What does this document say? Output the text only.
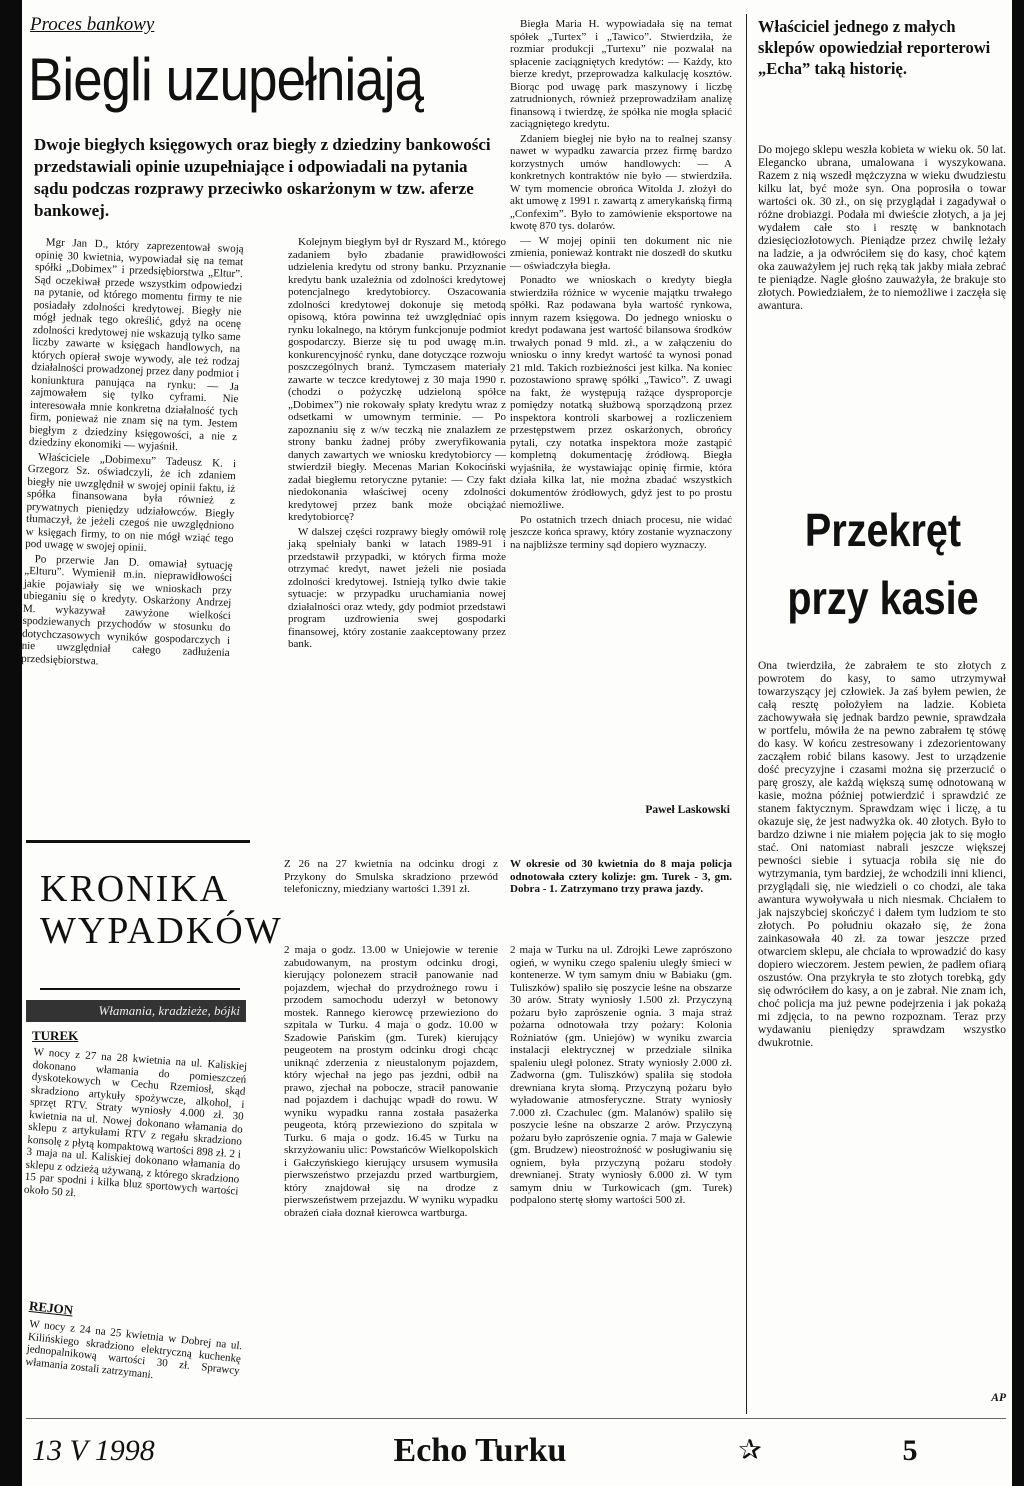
Proces bankowy
Biegli uzupełniają
Dwoje biegłych księgowych oraz biegły z dziedziny bankowości przedstawiali opinie uzupełniające i odpowiadali na pytania sądu podczas rozprawy przeciwko oskarżonym w tzw. aferze bankowej.

Mgr Jan D., który zaprezentował swoją opinię 30 kwietnia, wypowiadał się na temat spółki „Dobimex” i przedsiębiorstwa „Eltur”. Sąd oczekiwał przede wszystkim odpowiedzi na pytanie, od którego momentu firmy te nie posiadały zdolności kredytowej. Biegły nie mógł jednak tego określić, gdyż na ocenę zdolności kredytowej nie wskazują tylko same liczby zawarte w księgach handlowych, na których opierał swoje wywody, ale też rodzaj działalności prowadzonej przez dany podmiot i koniunktura panująca na rynku: — Ja zajmowałem się tylko cyframi. Nie interesowała mnie konkretna działalność tych firm, ponieważ nie znam się na tym. Jestem biegłym z dziedziny księgowości, a nie z dziedziny ekonomiki — wyjaśnił.

Właściciele „Dobimexu” Tadeusz K. i Grzegorz Sz. oświadczyli, że ich zdaniem biegły nie uwzględnił w swojej opinii faktu, iż spółka finansowana była również z prywatnych pieniędzy udziałowców. Biegły tłumaczył, że jeżeli czegoś nie uwzględniono w księgach firmy, to on nie mógł wziąć tego pod uwagę w swojej opinii.

Po przerwie Jan D. omawiał sytuację „Elturu”. Wymienił m.in. nieprawidłowości jakie pojawiały się we wnioskach przy ubieganiu się o kredyty. Oskarżony Andrzej M. wykazywał zawyżone wielkości spodziewanych przychodów w stosunku do dotychczasowych wyników gospodarczych i nie uwzględniał całego zadłużenia przedsiębiorstwa.

Kolejnym biegłym był dr Ryszard M., którego zadaniem było zbadanie prawidłowości udzielenia kredytu od strony banku. Przyznanie kredytu bank uzależnia od zdolności kredytowej potencjalnego kredytobiorcy. Oszacowania zdolności kredytowej dokonuje się metodą opisową, która powinna też uwzględniać opis rynku lokalnego, na którym funkcjonuje podmiot gospodarczy. Bierze się tu pod uwagę m.in. konkurencyjność rynku, dane dotyczące rozwoju poszczególnych branż. Tymczasem materiały zawarte w teczce kredytowej z 30 maja 1990 r. (chodzi o pożyczkę udzieloną spółce „Dobimex”) nie rokowały spłaty kredytu wraz z odsetkami w umownym terminie. — Po zapoznaniu się z w/w teczką nie znalazłem ze strony banku żadnej próby zweryfikowania danych zawartych we wniosku kredytobiorcy — stwierdził biegły. Mecenas Marian Kokociński zadał biegłemu retoryczne pytanie: — Czy fakt niedokonania właściwej oceny zdolności kredytowej przez bank może obciążać kredytobiorcę?

W dalszej części rozprawy biegły omówił rolę jaką spełniały banki w latach 1989-91 i przedstawił przypadki, w których firma może otrzymać kredyt, nawet jeżeli nie posiada zdolności kredytowej. Istnieją tylko dwie takie sytuacje: w przypadku uruchamiania nowej działalności oraz wtedy, gdy podmiot przedstawi program uzdrowienia swej gospodarki finansowej, który zostanie zaakceptowany przez bank.

Biegła Maria H. wypowiadała się na temat spółek „Turtex” i „Tawico”. Stwierdziła, że rozmiar produkcji „Turtexu” nie pozwalał na spłacenie zaciągniętych kredytów: — Każdy, kto bierze kredyt, przeprowadza kalkulację kosztów. Biorąc pod uwagę park maszynowy i liczbę zatrudnionych, również przeprowadziłam analizę finansową i twierdzę, że spółka nie mogła spłacić zaciągniętego kredytu.

Zdaniem biegłej nie było na to realnej szansy nawet w wypadku zawarcia przez firmę bardzo korzystnych umów handlowych: — A konkretnych kontraktów nie było — stwierdziła. W tym momencie obrońca Witolda J. złożył do akt umowę z 1991 r. zawartą z amerykańską firmą „Confexim”. Było to zamówienie eksportowe na kwotę 870 tys. dolarów.

— W mojej opinii ten dokument nic nie zmienia, ponieważ kontrakt nie doszedł do skutku — oświadczyła biegła.

Ponadto we wnioskach o kredyty biegła stwierdziła różnice w wycenie majątku trwałego spółki. Raz podawana była wartość rynkowa, innym razem księgowa. Do jednego wniosku o kredyt podawana jest wartość bilansowa środków trwałych ponad 9 mld. zł., a w załączeniu do wniosku o inny kredyt wartość ta wynosi ponad 21 mld. Takich rozbieżności jest kilka. Na koniec pozostawiono sprawę spółki „Tawico”. Z uwagi na fakt, że występują rażące dysproporcje pomiędzy notatką służbową sporządzoną przez inspektora kontroli skarbowej a rozliczeniem przestępstwem przez oskarżonych, obrońcy pytali, czy notatka inspektora może zastąpić kompletną dokumentację źródłową. Biegła wyjaśniła, że wystawiając opinię firmie, która działa kilka lat, nie można zbadać wszystkich dokumentów źródłowych, gdyż jest to po prostu niemożliwe.

Po ostatnich trzech dniach procesu, nie widać jeszcze końca sprawy, który zostanie wyznaczony na najbliższe terminy sąd dopiero wyznaczy.

Paweł Laskowski
Właściciel jednego z małych sklepów opowiedział reporterowi „Echa” taką historię.
Do mojego sklepu weszła kobieta w wieku ok. 50 lat. Elegancko ubrana, umalowana i wyszykowana. Razem z nią wszedł mężczyzna w wieku dwudziestu kilku lat, być może syn. Ona poprosiła o towar wartości ok. 30 zł., on się przyglądał i zagadywał o różne drobiazgi. Podała mi dwieście złotych, a ja jej wydałem całe sto i resztę w banknotach dziesięciozłotowych. Pieniądze przez chwilę leżały na ladzie, a ja odwróciłem się do kasy, choć kątem oka zauważyłem jej ruch ręką tak jakby miała zebrać te pieniądze. Nagle głośno zauważyła, że brakuje sto złotych. Powiedziałem, że to niemożliwe i zaczęła się awantura.
Przekręt przy kasie
Ona twierdziła, że zabrałem te sto złotych z powrotem do kasy, to samo utrzymywał towarzyszący jej człowiek. Ja zaś byłem pewien, że całą resztę położyłem na ladzie. Kobieta zachowywała się jednak bardzo pewnie, sprawdzała w portfelu, mówiła że na pewno zabrałem tę stówę do kasy. W końcu zestresowany i zdezorientowany zacząłem robić bilans kasowy. Jest to urządzenie dość precyzyjne i czasami można się przerzucić o parę groszy, ale każdą większą sumę odnotowaną w kasie, można później potwierdzić i sprawdzić ze stanem faktycznym. Sprawdzam więc i liczę, a tu okazuje się, że jest nadwyżka ok. 40 złotych. Było to bardzo dziwne i nie miałem pojęcia jak to się mogło stać. Oni natomiast nabrali jeszcze większej pewności siebie i sytuacja robiła się nie do wytrzymania, tym bardziej, że wchodzili inni klienci, przyglądali się, nie wiedzieli o co chodzi, ale taka awantura wywoływała u nich niesmak. Chciałem to jak najszybciej skończyć i dałem tym ludziom te sto złotych. Po południu okazało się, że żona zainkasowała 40 zł. za towar jeszcze przed otwarciem sklepu, ale chciała to wprowadzić do kasy dopiero wieczorem. Jestem pewien, że padłem ofiarą oszustów. Ona przykryła te sto złotych torebką, gdy się odwróciłem do kasy, a on je zabrał. Nie znam ich, choć policja ma już pewne podejrzenia i jak pokażą mi zdjęcia, to na pewno rozpoznam. Teraz przy wydawaniu pieniędzy sprawdzam wszystko dwukrotnie.
AP
KRONIKA WYPADKÓW
Włamania, kradzieże, bójki
TUREK
W nocy z 27 na 28 kwietnia na ul. Kaliskiej dokonano włamania do pomieszczeń dyskotekowych w Cechu Rzemiosł, skąd skradziono artykuły spożywcze, alkohol, i sprzęt RTV. Straty wyniosły 4.000 zł. 30 kwietnia na ul. Nowej dokonano włamania do sklepu z artykułami RTV z regału skradziono konsolę z płytą kompaktową wartości 898 zł. 2 i 3 maja na ul. Kaliskiej dokonano włamania do sklepu z odzieżą używaną, z którego skradziono 15 par spodni i kilka bluz sportowych wartości około 50 zł.
REJON
W nocy z 24 na 25 kwietnia w Dobrej na ul. Kilińskiego skradziono elektryczną kuchenkę jednopalnikową wartości 30 zł. Sprawcy włamania zostali zatrzymani.
Z 26 na 27 kwietnia na odcinku drogi z Przykony do Smulska skradziono przewód telefoniczny, miedziany wartości 1.391 zł.
2 maja o godz. 13.00 w Uniejowie w terenie zabudowanym, na prostym odcinku drogi, kierujący polonezem stracił panowanie nad pojazdem, wjechał do przydrożnego rowu i przodem samochodu uderzył w betonowy mostek. Rannego kierowcę przewieziono do szpitala w Turku. 4 maja o godz. 10.00 w Szadowie Pańskim (gm. Turek) kierujący peugeotem na prostym odcinku drogi chcąc uniknąć zderzenia z nieustalonym pojazdem, który wjechał na jego pas jezdni, odbił na prawo, zjechał na pobocze, stracił panowanie nad pojazdem i dachując wpadł do rowu. W wyniku wypadku ranna została pasażerka peugeota, którą przewieziono do szpitala w Turku. 6 maja o godz. 16.45 w Turku na skrzyżowaniu ulic: Powstańców Wielkopolskich i Gałczyńskiego kierujący ursusem wymusiła pierwszeństwo przejazdu przed wartburgiem, który znajdował się na drodze z pierwszeństwem przejazdu. W wyniku wypadku obrażeń ciała doznał kierowca wartburga.
W okresie od 30 kwietnia do 8 maja policja odnotowała cztery kolizje: gm. Turek - 3, gm. Dobra - 1. Zatrzymano trzy prawa jazdy.
2 maja w Turku na ul. Zdrojki Lewe zaprószono ogień, w wyniku czego spaleniu uległy śmieci w kontenerze. W tym samym dniu w Babiaku (gm. Tuliszków) spaliło się poszycie leśne na obszarze 30 arów. Straty wyniosły 1.500 zł. Przyczyną pożaru było zaprószenie ognia. 3 maja straż pożarna odnotowała trzy pożary: Kolonia Rożniatów (gm. Uniejów) w wyniku zwarcia instalacji elektrycznej w przedziale silnika spaleniu uległ polonez. Straty wyniosły 2.000 zł. Zadworna (gm. Tuliszków) spaliła się stodoła drewniana kryta słomą. Przyczyną pożaru było wyładowanie atmosferyczne. Straty wyniosły 7.000 zł. Czachulec (gm. Malanów) spaliło się poszycie leśne na obszarze 2 arów. Przyczyną pożaru było zaprószenie ognia. 7 maja w Galewie (gm. Brudzew) nieostrożność w posługiwaniu się ogniem, była przyczyną pożaru stodoły drewnianej. Straty wyniosły 6.000 zł. W tym samym dniu w Turkowicach (gm. Turek) podpalono stertę słomy wartości 500 zł.
13 V 1998	Echo Turku	✰	5
